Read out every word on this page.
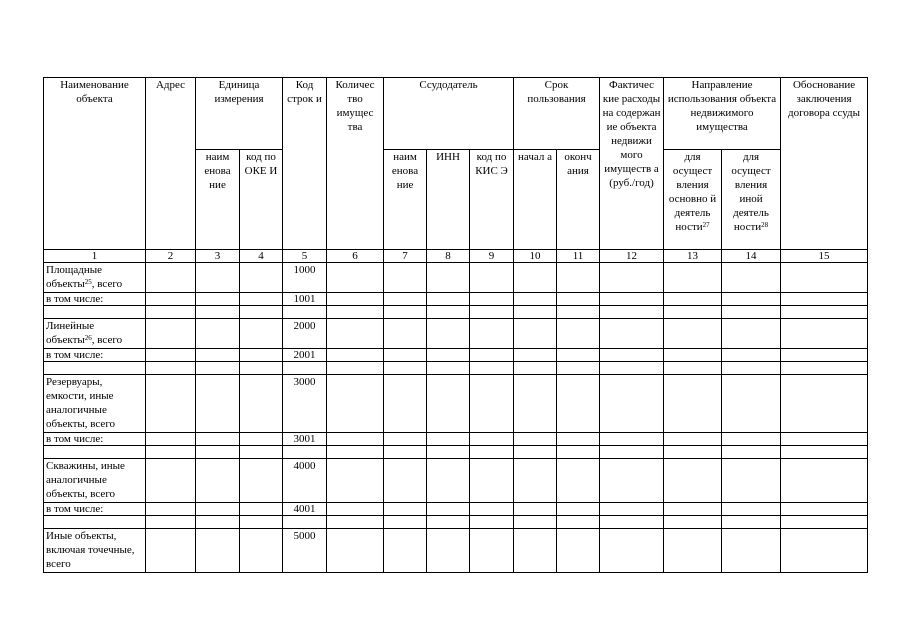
Наименование объекта	Адрес	Единица измерения		Код строк и	Количес тво имущес тва	Ссудодатель			Срок пользования		Фактичес кие расходы на содержан ие объекта недвижи мого имуществ а (руб./год)	Направление использования объекта недвижимого имущества		Обоснование заключения договора ссуды
		наим енова ние	код по ОКЕ И			наим енова ние	ИНН	код по КИС Э	начал а	оконч ания		для осущест вления основно й деятель ности$^{27}$	для осущест вления иной деятель ности$^{28}$
1	2	3	4	5	6	7	8	9	10	11	12	13	14	15
Площадные объекты$^{25}$, всего				1000										
в том числе:				1001										

Линейные объекты$^{26}$, всего				2000										
в том числе:				2001										

Резервуары, емкости, иные аналогичные объекты, всего				3000										
в том числе:				3001										

Скважины, иные аналогичные объекты, всего				4000										
в том числе:				4001										

Иные объекты, включая точечные, всего				5000										
